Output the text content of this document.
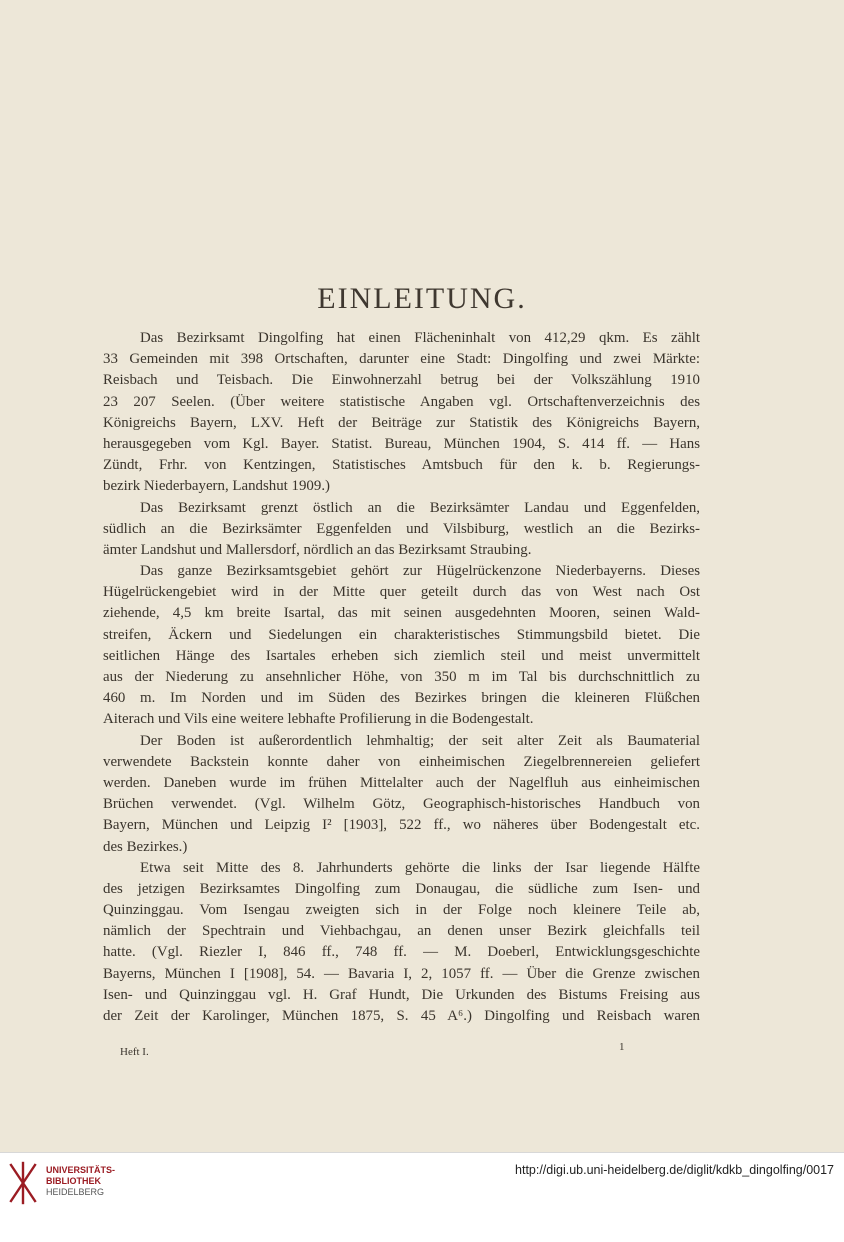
EINLEITUNG.
Das Bezirksamt Dingolfing hat einen Flächeninhalt von 412,29 qkm. Es zählt
33 Gemeinden mit 398 Ortschaften, darunter eine Stadt: Dingolfing und zwei Märkte:
Reisbach und Teisbach. Die Einwohnerzahl betrug bei der Volkszählung 1910
23 207 Seelen. (Über weitere statistische Angaben vgl. Ortschaftenverzeichnis des
Königreichs Bayern, LXV. Heft der Beiträge zur Statistik des Königreichs Bayern,
herausgegeben vom Kgl. Bayer. Statist. Bureau, München 1904, S. 414 ff. — Hans
Zündt, Frhr. von Kentzingen, Statistisches Amtsbuch für den k. b. Regierungs-
bezirk Niederbayern, Landshut 1909.)
Das Bezirksamt grenzt östlich an die Bezirksämter Landau und Eggenfelden,
südlich an die Bezirksämter Eggenfelden und Vilsbiburg, westlich an die Bezirks-
ämter Landshut und Mallersdorf, nördlich an das Bezirksamt Straubing.
Das ganze Bezirksamtsgebiet gehört zur Hügelrückenzone Niederbayerns. Dieses
Hügelrückengebiet wird in der Mitte quer geteilt durch das von West nach Ost
ziehende, 4,5 km breite Isartal, das mit seinen ausgedehnten Mooren, seinen Wald-
streifen, Äckern und Siedelungen ein charakteristisches Stimmungsbild bietet. Die
seitlichen Hänge des Isartales erheben sich ziemlich steil und meist unvermittelt
aus der Niederung zu ansehnlicher Höhe, von 350 m im Tal bis durchschnittlich zu
460 m. Im Norden und im Süden des Bezirkes bringen die kleineren Flüßchen
Aiterach und Vils eine weitere lebhafte Profilierung in die Bodengestalt.
Der Boden ist außerordentlich lehmhaltig; der seit alter Zeit als Baumaterial
verwendete Backstein konnte daher von einheimischen Ziegelbrennereien geliefert
werden. Daneben wurde im frühen Mittelalter auch der Nagelfluh aus einheimischen
Brüchen verwendet. (Vgl. Wilhelm Götz, Geographisch-historisches Handbuch von
Bayern, München und Leipzig I² [1903], 522 ff., wo näheres über Bodengestalt etc.
des Bezirkes.)
Etwa seit Mitte des 8. Jahrhunderts gehörte die links der Isar liegende Hälfte
des jetzigen Bezirksamtes Dingolfing zum Donaugau, die südliche zum Isen- und
Quinzinggau. Vom Isengau zweigten sich in der Folge noch kleinere Teile ab,
nämlich der Spechtrain und Viehbachgau, an denen unser Bezirk gleichfalls teil
hatte. (Vgl. Riezler I, 846 ff., 748 ff. — M. Doeberl, Entwicklungsgeschichte
Bayerns, München I [1908], 54. — Bavaria I, 2, 1057 ff. — Über die Grenze zwischen
Isen- und Quinzinggau vgl. H. Graf Hundt, Die Urkunden des Bistums Freising aus
der Zeit der Karolinger, München 1875, S. 45 A⁶.) Dingolfing und Reisbach waren
Heft I.	1
UNIVERSITÄTS-
BIBLIOTHEK
HEIDELBERG
http://digi.ub.uni-heidelberg.de/diglit/kdkb_dingolfing/0017
